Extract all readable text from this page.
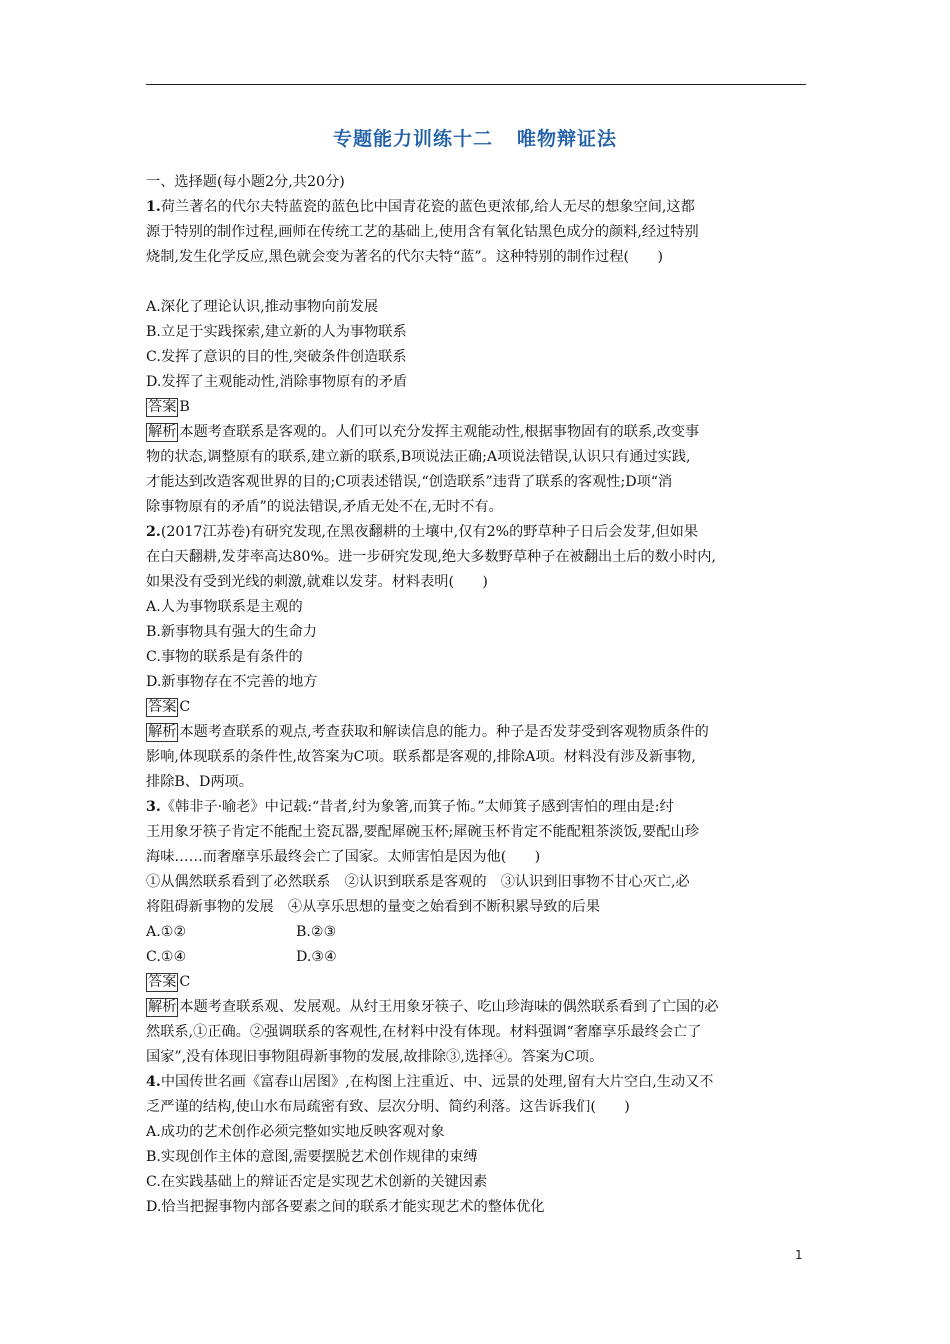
专题能力训练十二 唯物辩证法
一、选择题(每小题2分,共20分)
1.荷兰著名的代尔夫特蓝瓷的蓝色比中国青花瓷的蓝色更浓郁,给人无尽的想象空间,这都
源于特别的制作过程,画师在传统工艺的基础上,使用含有氧化钴黑色成分的颜料,经过特别
烧制,发生化学反应,黑色就会变为著名的代尔夫特“蓝”。这种特别的制作过程(　　)
A.深化了理论认识,推动事物向前发展
B.立足于实践探索,建立新的人为事物联系
C.发挥了意识的目的性,突破条件创造联系
D.发挥了主观能动性,消除事物原有的矛盾
答案 B
解析 本题考查联系是客观的。人们可以充分发挥主观能动性,根据事物固有的联系,改变事
物的状态,调整原有的联系,建立新的联系,B项说法正确;A项说法错误,认识只有通过实践,
才能达到改造客观世界的目的;C项表述错误,“创造联系”违背了联系的客观性;D项“消
除事物原有的矛盾”的说法错误,矛盾无处不在,无时不有。
2.(2017江苏卷)有研究发现,在黑夜翻耕的土壤中,仅有2%的野草种子日后会发芽,但如果
在白天翻耕,发芽率高达80%。进一步研究发现,绝大多数野草种子在被翻出土后的数小时内,
如果没有受到光线的刺激,就难以发芽。材料表明(　　)
A.人为事物联系是主观的
B.新事物具有强大的生命力
C.事物的联系是有条件的
D.新事物存在不完善的地方
答案 C
解析 本题考查联系的观点,考查获取和解读信息的能力。种子是否发芽受到客观物质条件的
影响,体现联系的条件性,故答案为C项。联系都是客观的,排除A项。材料没有涉及新事物,
排除B、D两项。
3.《韩非子·喻老》中记载:“昔者,纣为象箸,而箕子怖。”太师箕子感到害怕的理由是:纣
王用象牙筷子肯定不能配土瓷瓦器,要配犀碗玉杯;犀碗玉杯肯定不能配粗茶淡饭,要配山珍
海味……而奢靡享乐最终会亡了国家。太师害怕是因为他(　　)
①从偶然联系看到了必然联系　②认识到联系是客观的　③认识到旧事物不甘心灭亡,必
将阻碍新事物的发展　④从享乐思想的量变之始看到不断积累导致的后果
A.①②	B.②③
C.①④	D.③④
答案 C
解析 本题考查联系观、发展观。从纣王用象牙筷子、吃山珍海味的偶然联系看到了亡国的必
然联系,①正确。②强调联系的客观性,在材料中没有体现。材料强调“奢靡享乐最终会亡了
国家”,没有体现旧事物阻碍新事物的发展,故排除③,选择④。答案为C项。
4.中国传世名画《富春山居图》,在构图上注重近、中、远景的处理,留有大片空白,生动又不
乏严谨的结构,使山水布局疏密有致、层次分明、简约利落。这告诉我们(　　)
A.成功的艺术创作必须完整如实地反映客观对象
B.实现创作主体的意图,需要摆脱艺术创作规律的束缚
C.在实践基础上的辩证否定是实现艺术创新的关键因素
D.恰当把握事物内部各要素之间的联系才能实现艺术的整体优化
1
